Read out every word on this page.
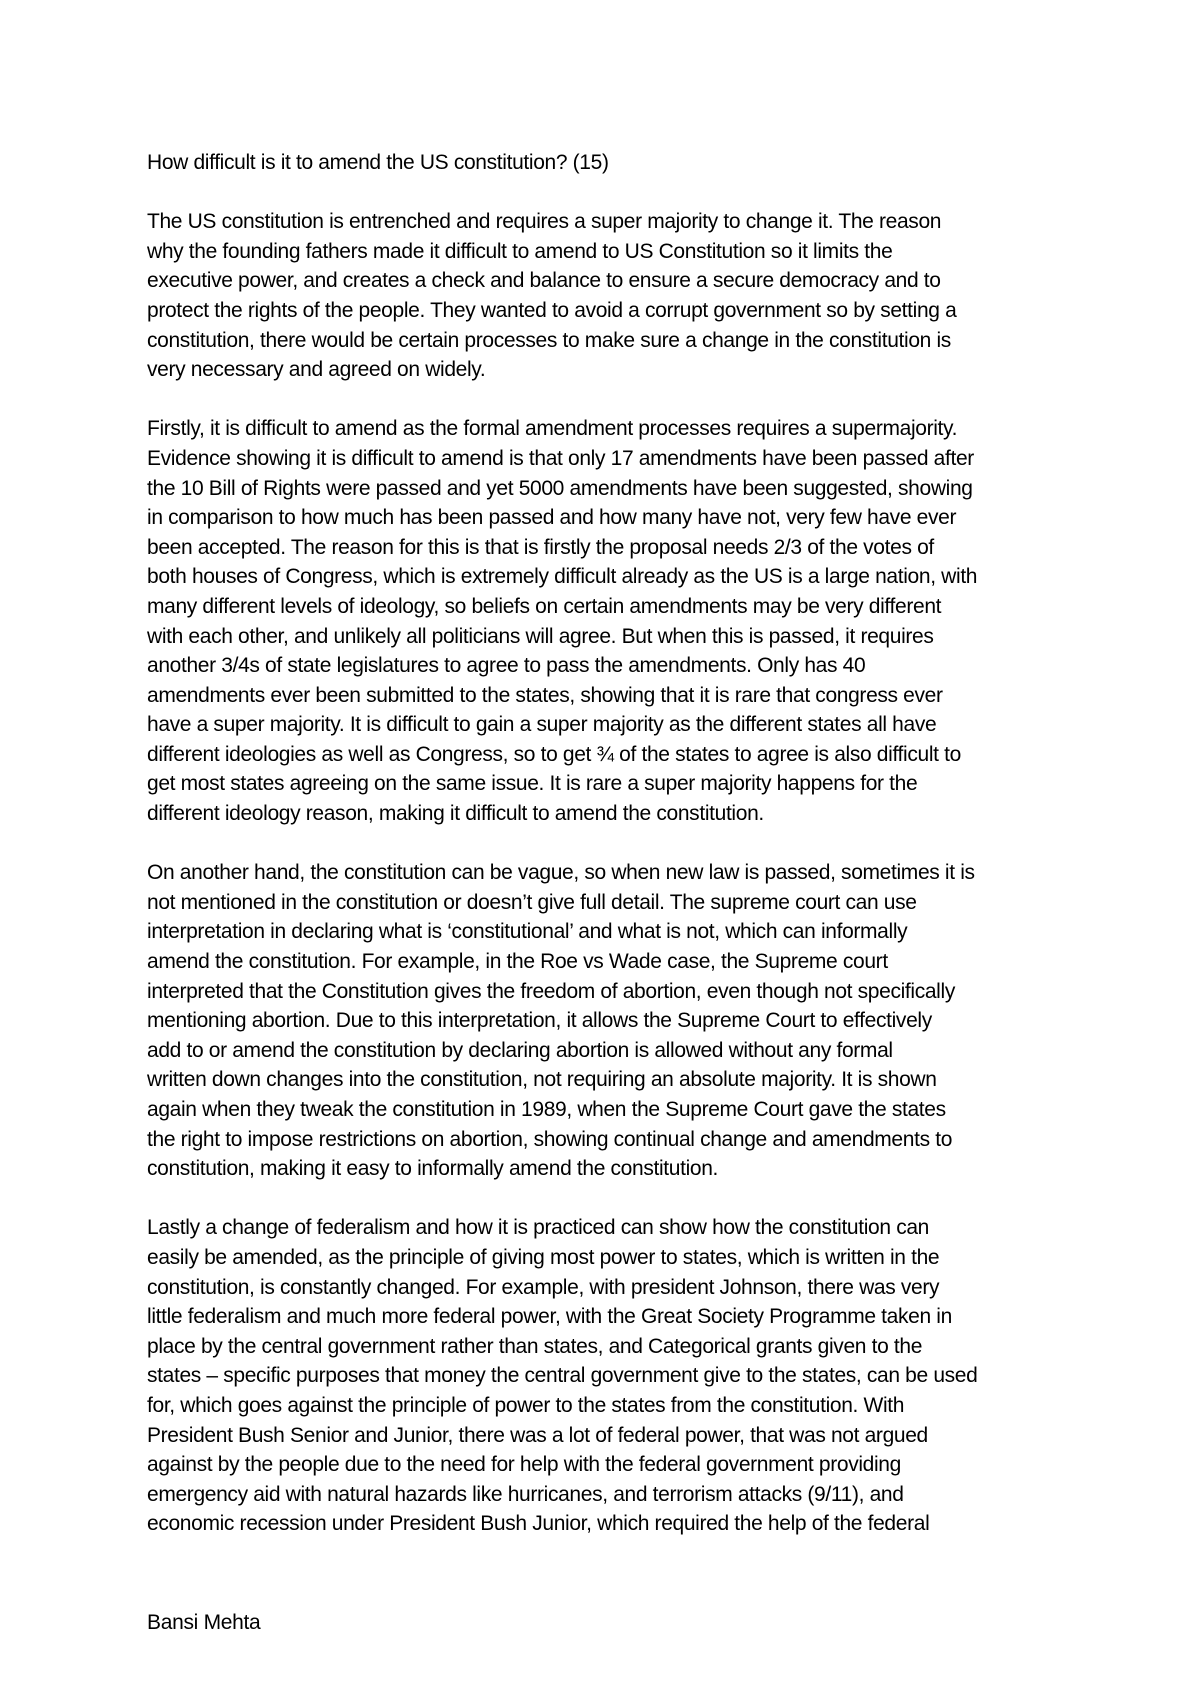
How difficult is it to amend the US constitution? (15)

The US constitution is entrenched and requires a super majority to change it. The reason
why the founding fathers made it difficult to amend to US Constitution so it limits the
executive power, and creates a check and balance to ensure a secure democracy and to
protect the rights of the people. They wanted to avoid a corrupt government so by setting a
constitution, there would be certain processes to make sure a change in the constitution is
very necessary and agreed on widely.

Firstly, it is difficult to amend as the formal amendment processes requires a supermajority.
Evidence showing it is difficult to amend is that only 17 amendments have been passed after
the 10 Bill of Rights were passed and yet 5000 amendments have been suggested, showing
in comparison to how much has been passed and how many have not, very few have ever
been accepted. The reason for this is that is firstly the proposal needs 2/3 of the votes of
both houses of Congress, which is extremely difficult already as the US is a large nation, with
many different levels of ideology, so beliefs on certain amendments may be very different
with each other, and unlikely all politicians will agree. But when this is passed, it requires
another 3/4s of state legislatures to agree to pass the amendments. Only has 40
amendments ever been submitted to the states, showing that it is rare that congress ever
have a super majority. It is difficult to gain a super majority as the different states all have
different ideologies as well as Congress, so to get ¾ of the states to agree is also difficult to
get most states agreeing on the same issue. It is rare a super majority happens for the
different ideology reason, making it difficult to amend the constitution.

On another hand, the constitution can be vague, so when new law is passed, sometimes it is
not mentioned in the constitution or doesn’t give full detail. The supreme court can use
interpretation in declaring what is ‘constitutional’ and what is not, which can informally
amend the constitution. For example, in the Roe vs Wade case, the Supreme court
interpreted that the Constitution gives the freedom of abortion, even though not specifically
mentioning abortion. Due to this interpretation, it allows the Supreme Court to effectively
add to or amend the constitution by declaring abortion is allowed without any formal
written down changes into the constitution, not requiring an absolute majority. It is shown
again when they tweak the constitution in 1989, when the Supreme Court gave the states
the right to impose restrictions on abortion, showing continual change and amendments to
constitution, making it easy to informally amend the constitution.

Lastly a change of federalism and how it is practiced can show how the constitution can
easily be amended, as the principle of giving most power to states, which is written in the
constitution, is constantly changed. For example, with president Johnson, there was very
little federalism and much more federal power, with the Great Society Programme taken in
place by the central government rather than states, and Categorical grants given to the
states – specific purposes that money the central government give to the states, can be used
for, which goes against the principle of power to the states from the constitution. With
President Bush Senior and Junior, there was a lot of federal power, that was not argued
against by the people due to the need for help with the federal government providing
emergency aid with natural hazards like hurricanes, and terrorism attacks (9/11), and
economic recession under President Bush Junior, which required the help of the federal

Bansi Mehta
